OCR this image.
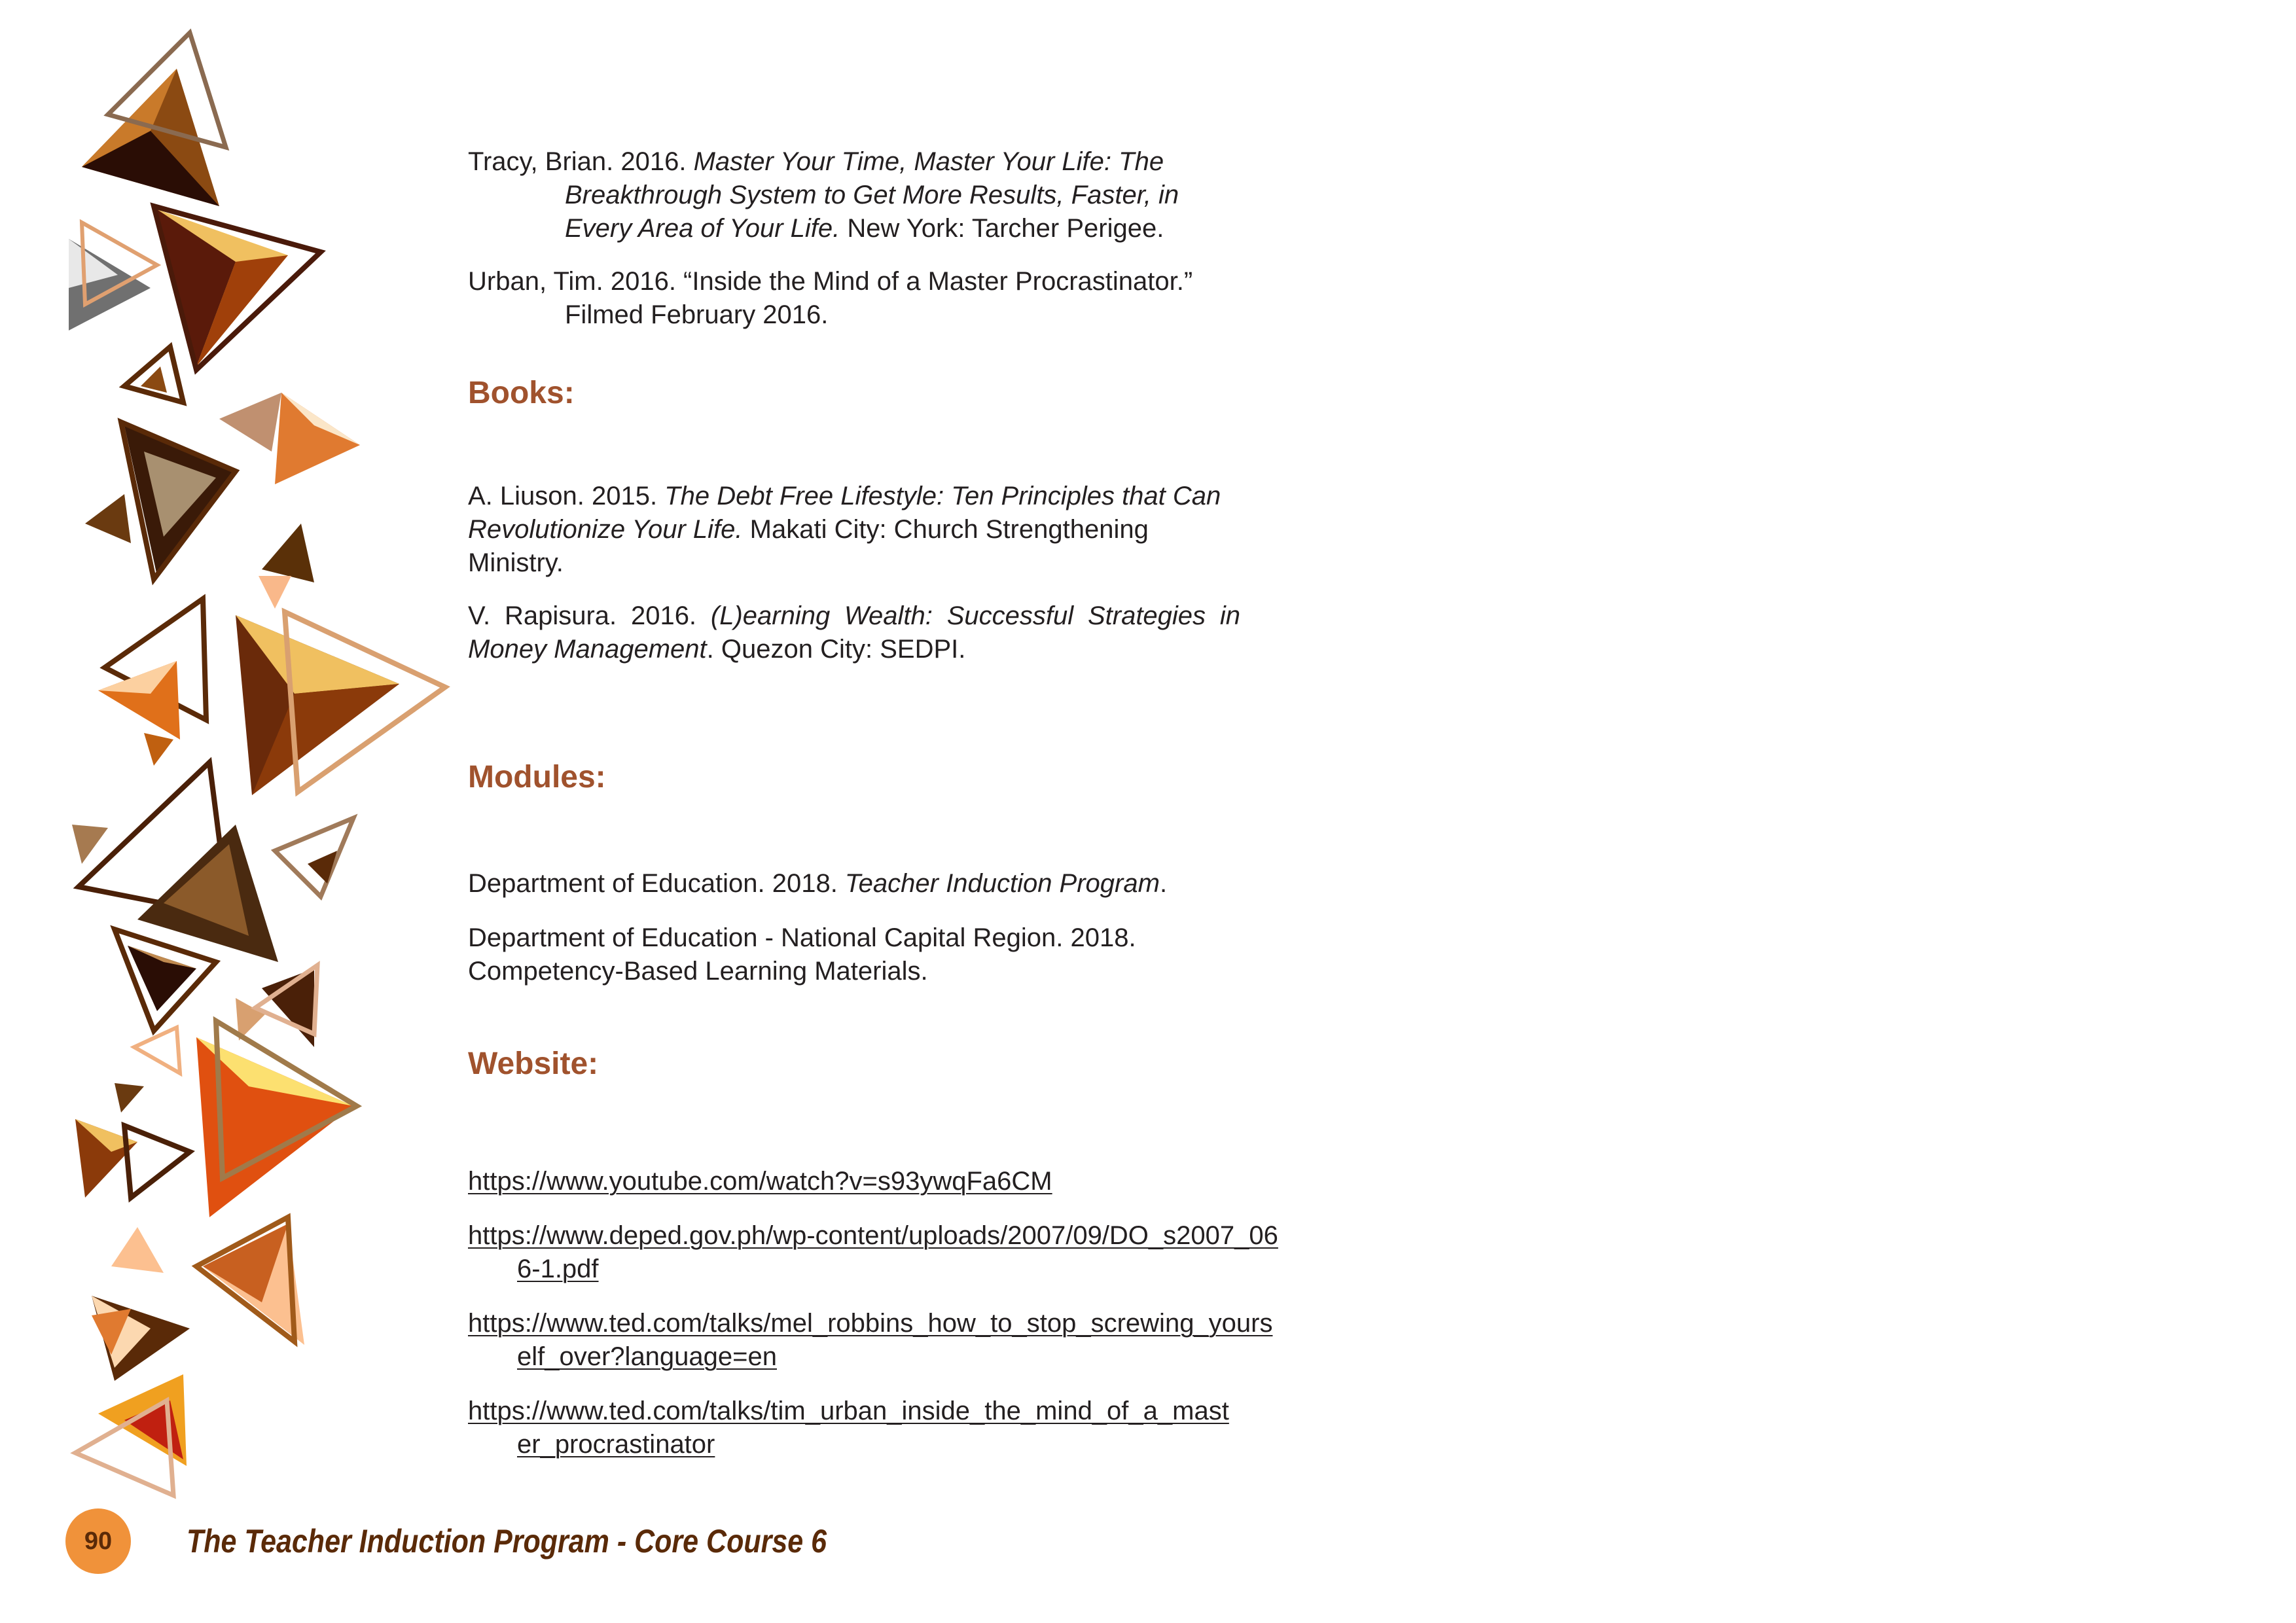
Tracy, Brian. 2016. Master Your Time, Master Your Life: The Breakthrough System to Get More Results, Faster, in Every Area of Your Life. New York: Tarcher Perigee.

Urban, Tim. 2016. “Inside the Mind of a Master Procrastinator.” Filmed February 2016.

Books:

A. Liuson. 2015. The Debt Free Lifestyle: Ten Principles that Can Revolutionize Your Life. Makati City: Church Strengthening Ministry.

V. Rapisura. 2016. (L)earning Wealth: Successful Strategies in Money Management. Quezon City: SEDPI.

Modules:

Department of Education. 2018. Teacher Induction Program.

Department of Education - National Capital Region. 2018. Competency-Based Learning Materials.

Website:

https://www.youtube.com/watch?v=s93ywqFa6CM

https://www.deped.gov.ph/wp-content/uploads/2007/09/DO_s2007_066-1.pdf

https://www.ted.com/talks/mel_robbins_how_to_stop_screwing_yourself_over?language=en

https://www.ted.com/talks/tim_urban_inside_the_mind_of_a_master_procrastinator

90	The Teacher Induction Program - Core Course 6
